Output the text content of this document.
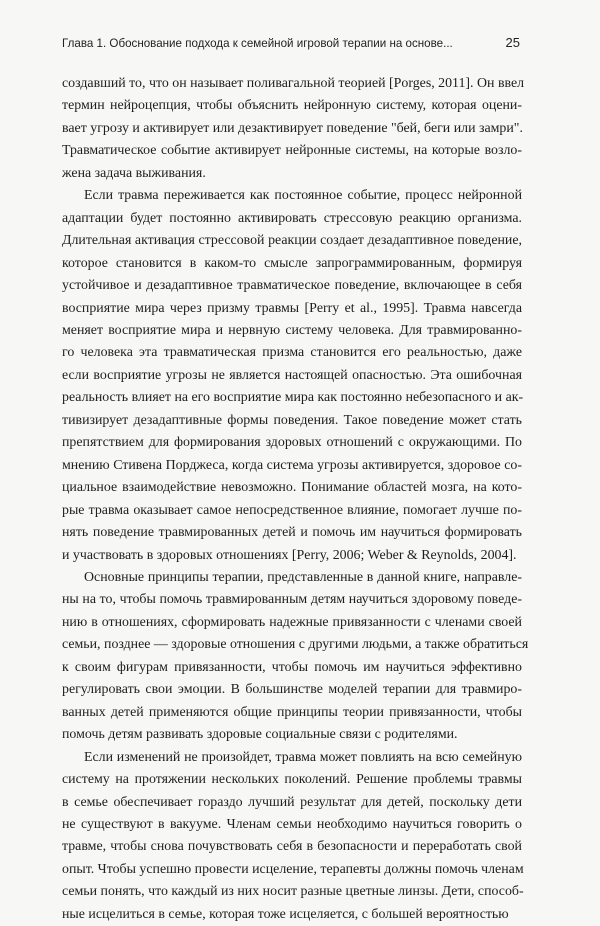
Глава 1. Обоснование подхода к семейной игровой терапии на основе...	25

создавший то, что он называет поливагальной теорией [Porges, 2011]. Он ввел
термин нейроцепция, чтобы объяснить нейронную систему, которая оцени-
вает угрозу и активирует или дезактивирует поведение "бей, беги или замри".
Травматическое событие активирует нейронные системы, на которые возло-
жена задача выживания.

Если травма переживается как постоянное событие, процесс нейронной
адаптации будет постоянно активировать стрессовую реакцию организма.
Длительная активация стрессовой реакции создает дезадаптивное поведение,
которое становится в каком-то смысле запрограммированным, формируя
устойчивое и дезадаптивное травматическое поведение, включающее в себя
восприятие мира через призму травмы [Perry et al., 1995]. Травма навсегда
меняет восприятие мира и нервную систему человека. Для травмированно-
го человека эта травматическая призма становится его реальностью, даже
если восприятие угрозы не является настоящей опасностью. Эта ошибочная
реальность влияет на его восприятие мира как постоянно небезопасного и ак-
тивизирует дезадаптивные формы поведения. Такое поведение может стать
препятствием для формирования здоровых отношений с окружающими. По
мнению Стивена Порджеса, когда система угрозы активируется, здоровое со-
циальное взаимодействие невозможно. Понимание областей мозга, на кото-
рые травма оказывает самое непосредственное влияние, помогает лучше по-
нять поведение травмированных детей и помочь им научиться формировать
и участвовать в здоровых отношениях [Perry, 2006; Weber & Reynolds, 2004].

Основные принципы терапии, представленные в данной книге, направле-
ны на то, чтобы помочь травмированным детям научиться здоровому поведе-
нию в отношениях, сформировать надежные привязанности с членами своей
семьи, позднее — здоровые отношения с другими людьми, а также обратиться
к своим фигурам привязанности, чтобы помочь им научиться эффективно
регулировать свои эмоции. В большинстве моделей терапии для травмиро-
ванных детей применяются общие принципы теории привязанности, чтобы
помочь детям развивать здоровые социальные связи с родителями.

Если изменений не произойдет, травма может повлиять на всю семейную
систему на протяжении нескольких поколений. Решение проблемы травмы
в семье обеспечивает гораздо лучший результат для детей, поскольку дети
не существуют в вакууме. Членам семьи необходимо научиться говорить о
травме, чтобы снова почувствовать себя в безопасности и переработать свой
опыт. Чтобы успешно провести исцеление, терапевты должны помочь членам
семьи понять, что каждый из них носит разные цветные линзы. Дети, способ-
ные исцелиться в семье, которая тоже исцеляется, с большей вероятностью
